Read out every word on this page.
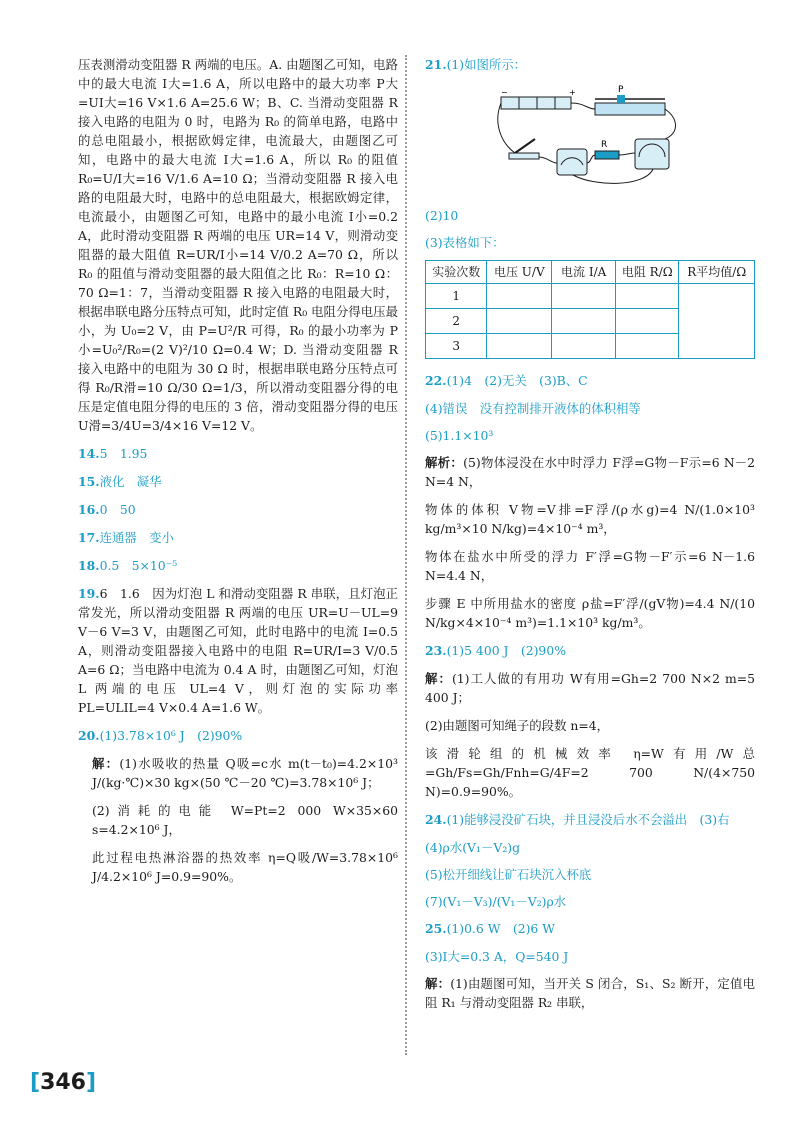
压表测滑动变阻器 R 两端的电压。A. 由题图乙可知，电路中的最大电流 I大=1.6 A，所以电路中的最大功率 P大=UI大=16 V×1.6 A=25.6 W；B、C. 当滑动变阻器 R 接入电路的电阻为 0 时，电路为 R₀ 的简单电路，电路中的总电阻最小，根据欧姆定律，电流最大，由题图乙可知，电路中的最大电流 I大=1.6 A，所以 R₀ 的阻值 R₀=U/I大=16 V/1.6 A=10 Ω；当滑动变阻器 R 接入电路的电阻最大时，电路中的总电阻最大，根据欧姆定律，电流最小，由题图乙可知，电路中的最小电流 I小=0.2 A，此时滑动变阻器 R 两端的电压 UR=14 V，则滑动变阻器的最大阻值 R=UR/I小=14 V/0.2 A=70 Ω，所以 R₀ 的阻值与滑动变阻器的最大阻值之比 R₀：R=10 Ω：70 Ω=1：7，当滑动变阻器 R 接入电路的电阻最大时，根据串联电路分压特点可知，此时定值 R₀ 电阻分得电压最小，为 U₀=2 V，由 P=U²/R 可得，R₀ 的最小功率为 P小=U₀²/R₀=(2 V)²/10 Ω=0.4 W；D. 当滑动变阻器 R 接入电路中的电阻为 30 Ω 时，根据串联电路分压特点可得 R₀/R滑=10 Ω/30 Ω=1/3，所以滑动变阻器分得的电压是定值电阻分得的电压的 3 倍，滑动变阻器分得的电压 U滑=3/4U=3/4×16 V=12 V。

14.5　1.95

15.液化　凝华

16.0　50

17.连通器　变小

18.0.5　5×10⁻⁵

19.6　1.6　因为灯泡 L 和滑动变阻器 R 串联，且灯泡正常发光，所以滑动变阻器 R 两端的电压 UR=U－UL=9 V－6 V=3 V，由题图乙可知，此时电路中的电流 I=0.5 A，则滑动变阻器接入电路中的电阻 R=UR/I=3 V/0.5 A=6 Ω；当电路中电流为 0.4 A 时，由题图乙可知，灯泡 L 两端的电压 UL=4 V，则灯泡的实际功率 PL=ULIL=4 V×0.4 A=1.6 W。

20.(1)3.78×10⁶ J　(2)90%

解：(1)水吸收的热量 Q吸=c水 m(t－t₀)=4.2×10³ J/(kg·℃)×30 kg×(50 ℃－20 ℃)=3.78×10⁶ J；

(2)消耗的电能 W=Pt=2 000 W×35×60 s=4.2×10⁶ J，

此过程电热淋浴器的热效率 η=Q吸/W=3.78×10⁶ J/4.2×10⁶ J=0.9=90%。

21.(1)如图所示：

−	+	P
R

(2)10

(3)表格如下：

实验次数	电压 U/V	电流 I/A	电阻 R/Ω	R平均值/Ω
1				
2				
3				

22.(1)4　(2)无关　(3)B、C

(4)错误　没有控制排开液体的体积相等

(5)1.1×10³

解析：(5)物体浸没在水中时浮力 F浮=G物－F示=6 N－2 N=4 N，

物体的体积 V物=V排=F浮/(ρ水g)=4 N/(1.0×10³ kg/m³×10 N/kg)=4×10⁻⁴ m³，

物体在盐水中所受的浮力 F′浮=G物－F′示=6 N－1.6 N=4.4 N，

步骤 E 中所用盐水的密度 ρ盐=F′浮/(gV物)=4.4 N/(10 N/kg×4×10⁻⁴ m³)=1.1×10³ kg/m³。

23.(1)5 400 J　(2)90%

解：(1)工人做的有用功 W有用=Gh=2 700 N×2 m=5 400 J；

(2)由题图可知绳子的段数 n=4，

该滑轮组的机械效率 η=W有用/W总=Gh/Fs=Gh/Fnh=G/4F=2 700 N/(4×750 N)=0.9=90%。

24.(1)能够浸没矿石块，并且浸没后水不会溢出　(3)右

(4)ρ水(V₁－V₂)g

(5)松开细线让矿石块沉入杯底

(7)(V₁－V₃)/(V₁－V₂)ρ水

25.(1)0.6 W　(2)6 W

(3)I大=0.3 A，Q=540 J

解：(1)由题图可知，当开关 S 闭合，S₁、S₂ 断开，定值电阻 R₁ 与滑动变阻器 R₂ 串联，

[346]
